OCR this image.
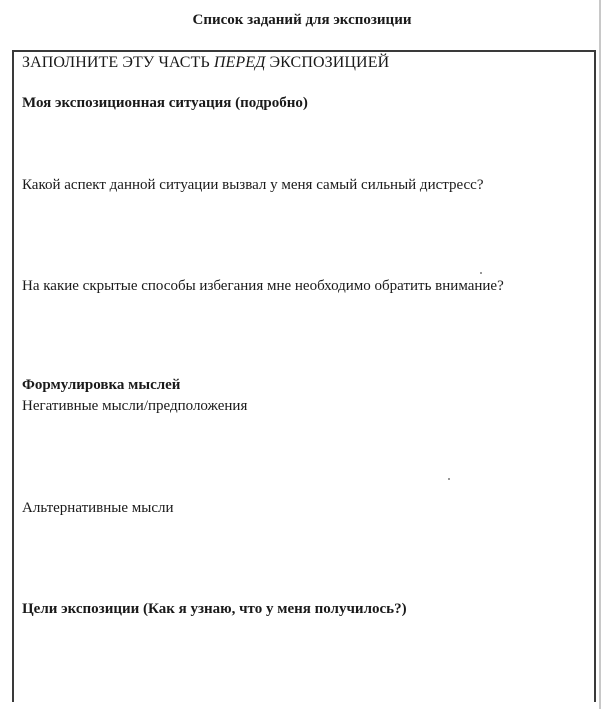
Список заданий для экспозиции
ЗАПОЛНИТЕ ЭТУ ЧАСТЬ ПЕРЕД ЭКСПОЗИЦИЕЙ
Моя экспозиционная ситуация (подробно)
Какой аспект данной ситуации вызвал у меня самый сильный дистресс?
На какие скрытые способы избегания мне необходимо обратить внимание?
Формулировка мыслей
Негативные мысли/предположения
Альтернативные мысли
Цели экспозиции (Как я узнаю, что у меня получилось?)
